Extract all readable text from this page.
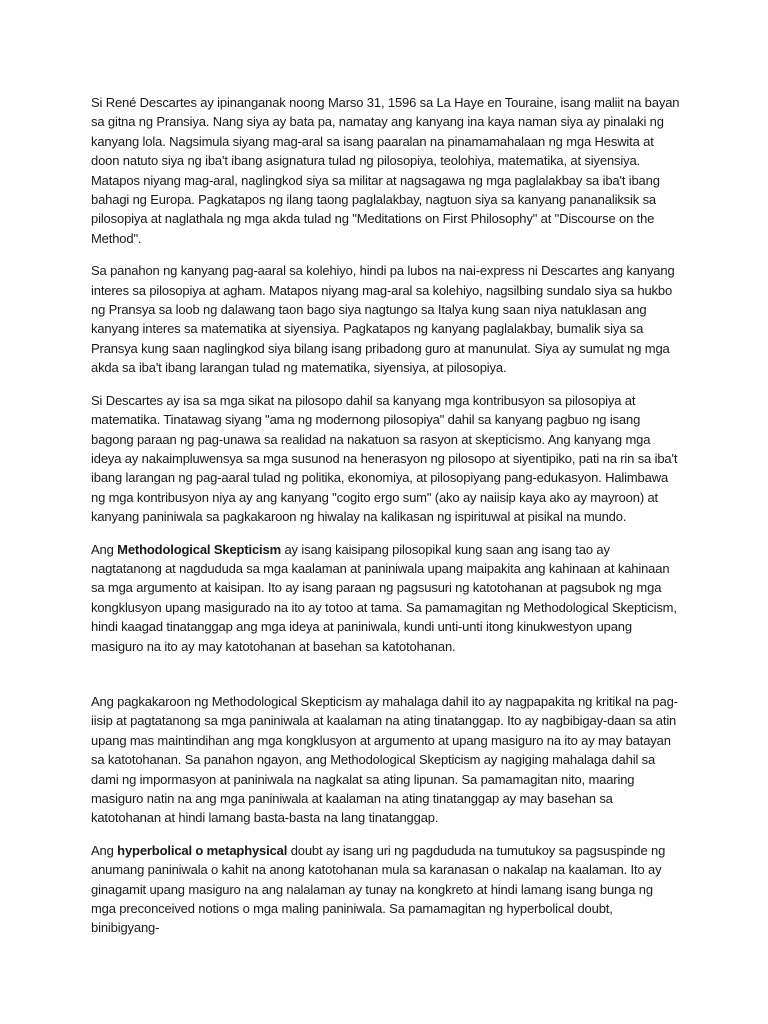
Si René Descartes ay ipinanganak noong Marso 31, 1596 sa La Haye en Touraine, isang maliit na bayan sa gitna ng Pransiya. Nang siya ay bata pa, namatay ang kanyang ina kaya naman siya ay pinalaki ng kanyang lola. Nagsimula siyang mag-aral sa isang paaralan na pinamamahalaan ng mga Heswita at doon natuto siya ng iba't ibang asignatura tulad ng pilosopiya, teolohiya, matematika, at siyensiya. Matapos niyang mag-aral, naglingkod siya sa militar at nagsagawa ng mga paglalakbay sa iba't ibang bahagi ng Europa. Pagkatapos ng ilang taong paglalakbay, nagtuon siya sa kanyang pananaliksik sa pilosopiya at naglathala ng mga akda tulad ng "Meditations on First Philosophy" at "Discourse on the Method".

Sa panahon ng kanyang pag-aaral sa kolehiyo, hindi pa lubos na nai-express ni Descartes ang kanyang interes sa pilosopiya at agham. Matapos niyang mag-aral sa kolehiyo, nagsilbing sundalo siya sa hukbo ng Pransya sa loob ng dalawang taon bago siya nagtungo sa Italya kung saan niya natuklasan ang kanyang interes sa matematika at siyensiya. Pagkatapos ng kanyang paglalakbay, bumalik siya sa Pransya kung saan naglingkod siya bilang isang pribadong guro at manunulat. Siya ay sumulat ng mga akda sa iba't ibang larangan tulad ng matematika, siyensiya, at pilosopiya.

Si Descartes ay isa sa mga sikat na pilosopo dahil sa kanyang mga kontribusyon sa pilosopiya at matematika. Tinatawag siyang "ama ng modernong pilosopiya" dahil sa kanyang pagbuo ng isang bagong paraan ng pag-unawa sa realidad na nakatuon sa rasyon at skepticismo. Ang kanyang mga ideya ay nakaimpluwensya sa mga susunod na henerasyon ng pilosopo at siyentipiko, pati na rin sa iba't ibang larangan ng pag-aaral tulad ng politika, ekonomiya, at pilosopiyang pang-edukasyon. Halimbawa ng mga kontribusyon niya ay ang kanyang "cogito ergo sum" (ako ay naiisip kaya ako ay mayroon) at kanyang paniniwala sa pagkakaroon ng hiwalay na kalikasan ng ispirituwal at pisikal na mundo.

Ang Methodological Skepticism ay isang kaisipang pilosopikal kung saan ang isang tao ay nagtatanong at nagdududa sa mga kaalaman at paniniwala upang maipakita ang kahinaan at kahinaan sa mga argumento at kaisipan. Ito ay isang paraan ng pagsusuri ng katotohanan at pagsubok ng mga kongklusyon upang masigurado na ito ay totoo at tama. Sa pamamagitan ng Methodological Skepticism, hindi kaagad tinatanggap ang mga ideya at paniniwala, kundi unti-unti itong kinukwestyon upang masiguro na ito ay may katotohanan at basehan sa katotohanan.

Ang pagkakaroon ng Methodological Skepticism ay mahalaga dahil ito ay nagpapakita ng kritikal na pag-iisip at pagtatanong sa mga paniniwala at kaalaman na ating tinatanggap. Ito ay nagbibigay-daan sa atin upang mas maintindihan ang mga kongklusyon at argumento at upang masiguro na ito ay may batayan sa katotohanan. Sa panahon ngayon, ang Methodological Skepticism ay nagiging mahalaga dahil sa dami ng impormasyon at paniniwala na nagkalat sa ating lipunan. Sa pamamagitan nito, maaring masiguro natin na ang mga paniniwala at kaalaman na ating tinatanggap ay may basehan sa katotohanan at hindi lamang basta-basta na lang tinatanggap.

Ang hyperbolical o metaphysical doubt ay isang uri ng pagdududa na tumutukoy sa pagsuspinde ng anumang paniniwala o kahit na anong katotohanan mula sa karanasan o nakalap na kaalaman. Ito ay ginagamit upang masiguro na ang nalalaman ay tunay na kongkreto at hindi lamang isang bunga ng mga preconceived notions o mga maling paniniwala. Sa pamamagitan ng hyperbolical doubt, binibigyang-
